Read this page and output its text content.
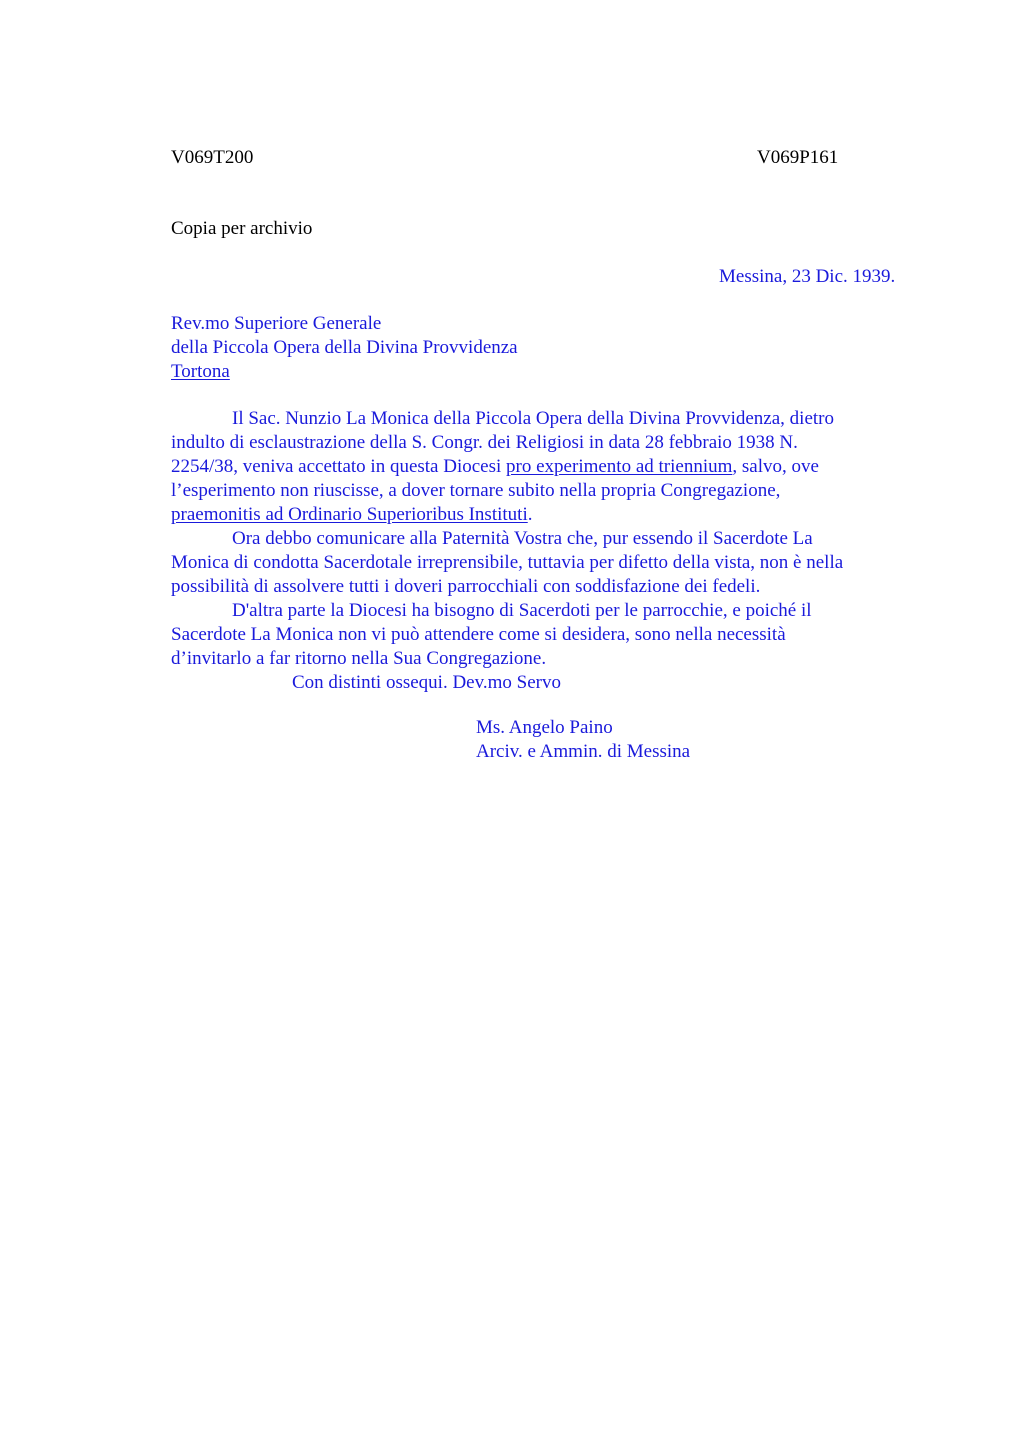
V069T200	V069P161
Copia per archivio
Messina, 23 Dic. 1939.
Rev.mo Superiore Generale
della Piccola Opera della Divina Provvidenza
Tortona
Il Sac. Nunzio La Monica della Piccola Opera della Divina Provvidenza, dietro
indulto di esclaustrazione della S. Congr. dei Religiosi in data 28 febbraio 1938 N.
2254/38, veniva accettato in questa Diocesi pro experimento ad triennium, salvo, ove
l’esperimento non riuscisse, a dover tornare subito nella propria Congregazione,
praemonitis ad Ordinario Superioribus Instituti.
Ora debbo comunicare alla Paternità Vostra che, pur essendo il Sacerdote La
Monica di condotta Sacerdotale irreprensibile, tuttavia per difetto della vista, non è nella
possibilità di assolvere tutti i doveri parrocchiali con soddisfazione dei fedeli.
D'altra parte la Diocesi ha bisogno di Sacerdoti per le parrocchie, e poiché il
Sacerdote La Monica non vi può attendere come si desidera, sono nella necessità
d’invitarlo a far ritorno nella Sua Congregazione.
Con distinti ossequi. Dev.mo Servo
Ms. Angelo Paino
Arciv. e Ammin. di Messina
